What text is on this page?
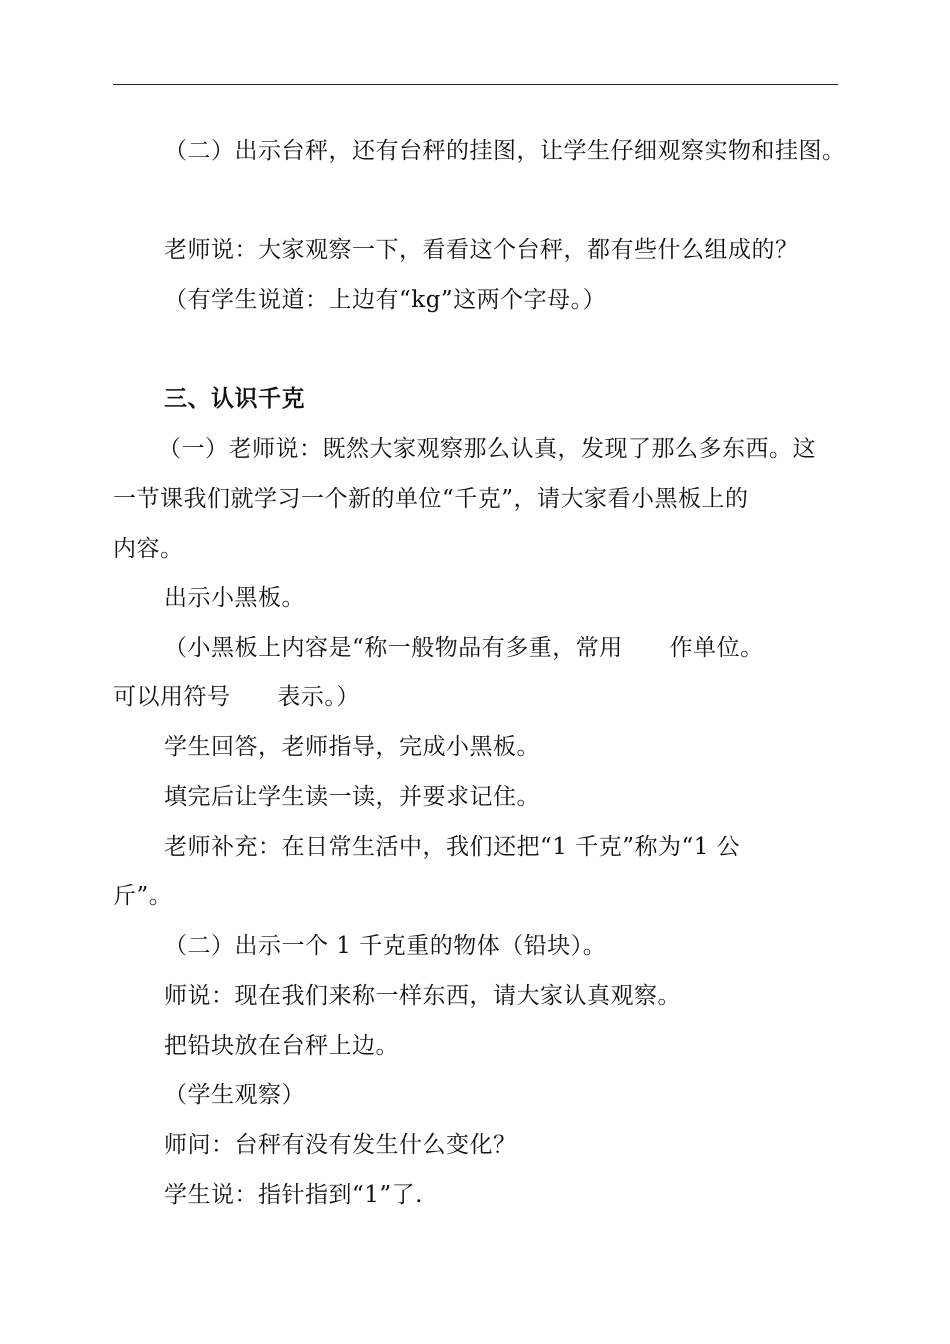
（二）出示台秤，还有台秤的挂图，让学生仔细观察实物和挂图。
老师说：大家观察一下，看看这个台秤，都有些什么组成的？
（有学生说道：上边有“kg”这两个字母。）
三、认识千克
（一）老师说：既然大家观察那么认真，发现了那么多东西。这
一节课我们就学习一个新的单位“千克”，请大家看小黑板上的
内容。
出示小黑板。
（小黑板上内容是“称一般物品有多重，常用      作单位。
可以用符号      表示。）
学生回答，老师指导，完成小黑板。
填完后让学生读一读，并要求记住。
老师补充：在日常生活中，我们还把“1 千克”称为“1 公
斤”。
（二）出示一个 1 千克重的物体（铅块）。
师说：现在我们来称一样东西，请大家认真观察。
把铅块放在台秤上边。
（学生观察）
师问：台秤有没有发生什么变化？
学生说：指针指到“1”了.
